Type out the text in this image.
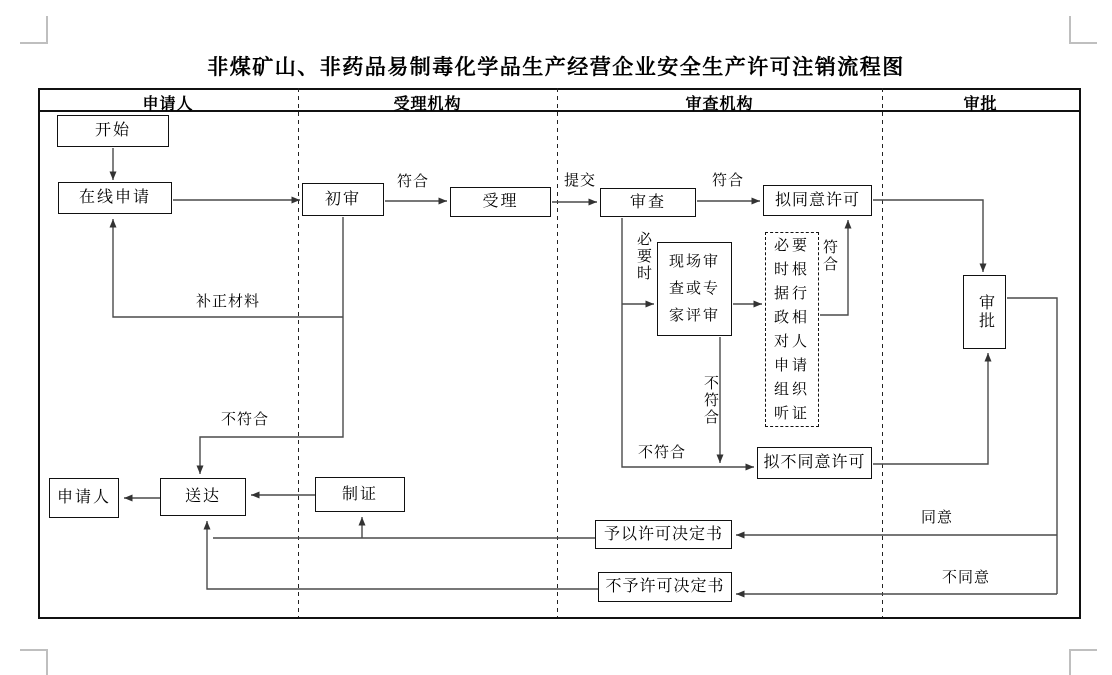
非煤矿山、非药品易制毒化学品生产经营企业安全生产许可注销流程图
申请人	受理机构	审查机构	审批
开始
在线申请	初审	受理	审查	拟同意许可
现场审查或专家评审
必要时根据行政相对人申请组织听证
拟不同意许可
审批
申请人	送达	制证
予以许可决定书
不予许可决定书
符合	提交	符合
补正材料
不符合
必要时
不符合
符合
不符合
同意
不同意
